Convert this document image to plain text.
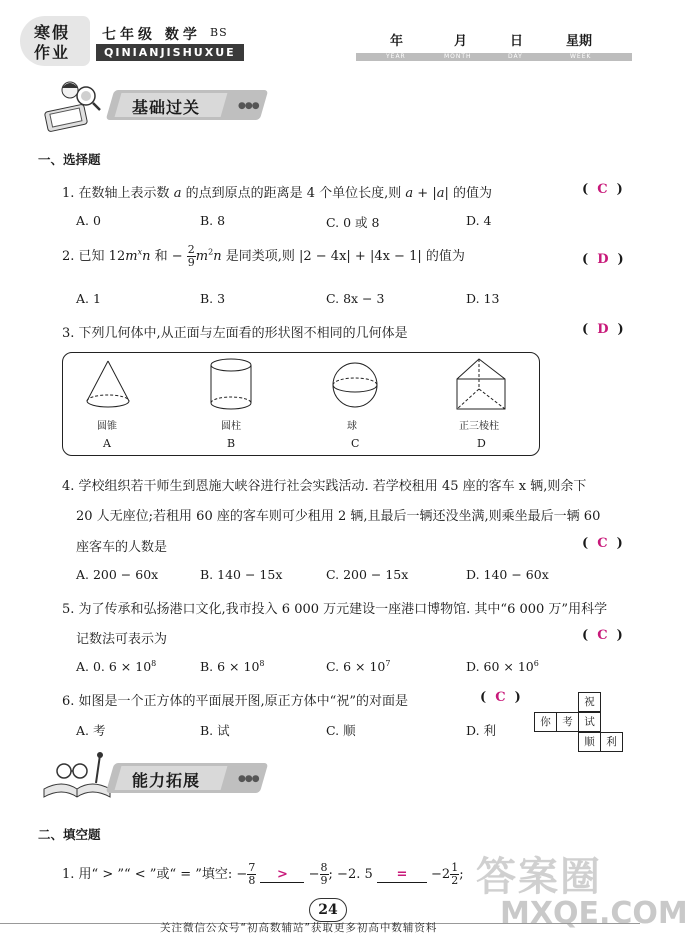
寒假
作业
七年级 数学 BS
QINIANJISHUXUE
年	月	日	星期
YEAR	MONTH	DAY	WEEK
基础过关	●●●
一、选择题
1. 在数轴上表示数 a 的点到原点的距离是 4 个单位长度,则 a + |a| 的值为	(  C  )
A. 0	B. 8	C. 0 或 8	D. 4
2. 已知 $12m^xn$ 和 − $\frac{2}{9} m^2n$ 是同类项,则 |2 − 4x| + |4x − 1| 的值为	(  D  )
A. 1	B. 3	C. 8x − 3	D. 13
3. 下列几何体中,从正面与左面看的形状图不相同的几何体是	(  D  )
圆锥
A
圆柱
B
球
C
正三棱柱
D
4. 学校组织若干师生到恩施大峡谷进行社会实践活动. 若学校租用 45 座的客车 x 辆,则余下
20 人无座位;若租用 60 座的客车则可少租用 2 辆,且最后一辆还没坐满,则乘坐最后一辆 60
座客车的人数是	(  C  )
A. 200 − 60x	B. 140 − 15x	C. 200 − 15x	D. 140 − 60x
5. 为了传承和弘扬港口文化,我市投入 6 000 万元建设一座港口博物馆. 其中“6 000 万”用科学
记数法可表示为	(  C  )
A. 0. $6 \times 10^8$	B. $6 \times 10^8$	C. $6 \times 10^7$	D. $60 \times 10^6$
6. 如图是一个正方体的平面展开图,原正方体中“祝”的对面是	(  C  )
A. 考	B. 试	C. 顺	D. 利
祝
你	考	试
顺	利
能力拓展	●●●
二、填空题
1. 用“ > ”“ < ”或“ = ”填空: − $\frac{7}{8}$ > − $\frac{8}{9}$ ; −2. $5 = -2 \frac{1}{2}$ ; 答案圈
MXQE.COM
24
关注微信公众号“初高数辅站”获取更多初高中数辅资料
